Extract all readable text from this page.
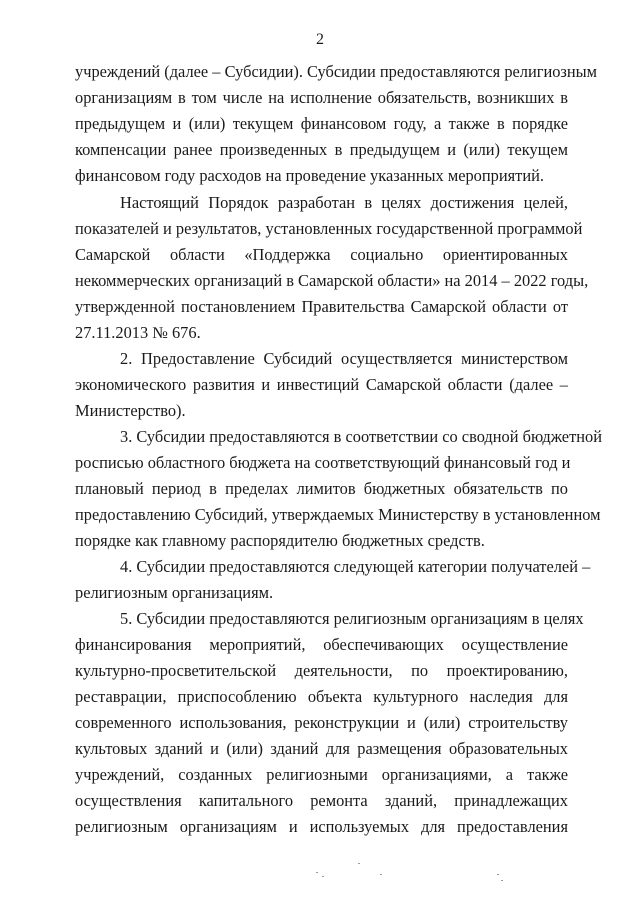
2
учреждений (далее – Субсидии). Субсидии предоставляются религиозным
организациям в том числе на исполнение обязательств, возникших в
предыдущем и (или) текущем финансовом году, а также в порядке
компенсации ранее произведенных в предыдущем и (или) текущем
финансовом году расходов на проведение указанных мероприятий.
Настоящий Порядок разработан в целях достижения целей,
показателей и результатов, установленных государственной программой
Самарской области «Поддержка социально ориентированных
некоммерческих организаций в Самарской области» на 2014 – 2022 годы,
утвержденной постановлением Правительства Самарской области от
27.11.2013 № 676.
2. Предоставление Субсидий осуществляется министерством
экономического развития и инвестиций Самарской области (далее –
Министерство).
3. Субсидии предоставляются в соответствии со сводной бюджетной
росписью областного бюджета на соответствующий финансовый год и
плановый период в пределах лимитов бюджетных обязательств по
предоставлению Субсидий, утверждаемых Министерству в установленном
порядке как главному распорядителю бюджетных средств.
4. Субсидии предоставляются следующей категории получателей –
религиозным организациям.
5. Субсидии предоставляются религиозным организациям в целях
финансирования мероприятий, обеспечивающих осуществление
культурно-просветительской деятельности, по проектированию,
реставрации, приспособлению объекта культурного наследия для
современного использования, реконструкции и (или) строительству
культовых зданий и (или) зданий для размещения образовательных
учреждений, созданных религиозными организациями, а также
осуществления капитального ремонта зданий, принадлежащих
религиозным организациям и используемых для предоставления
